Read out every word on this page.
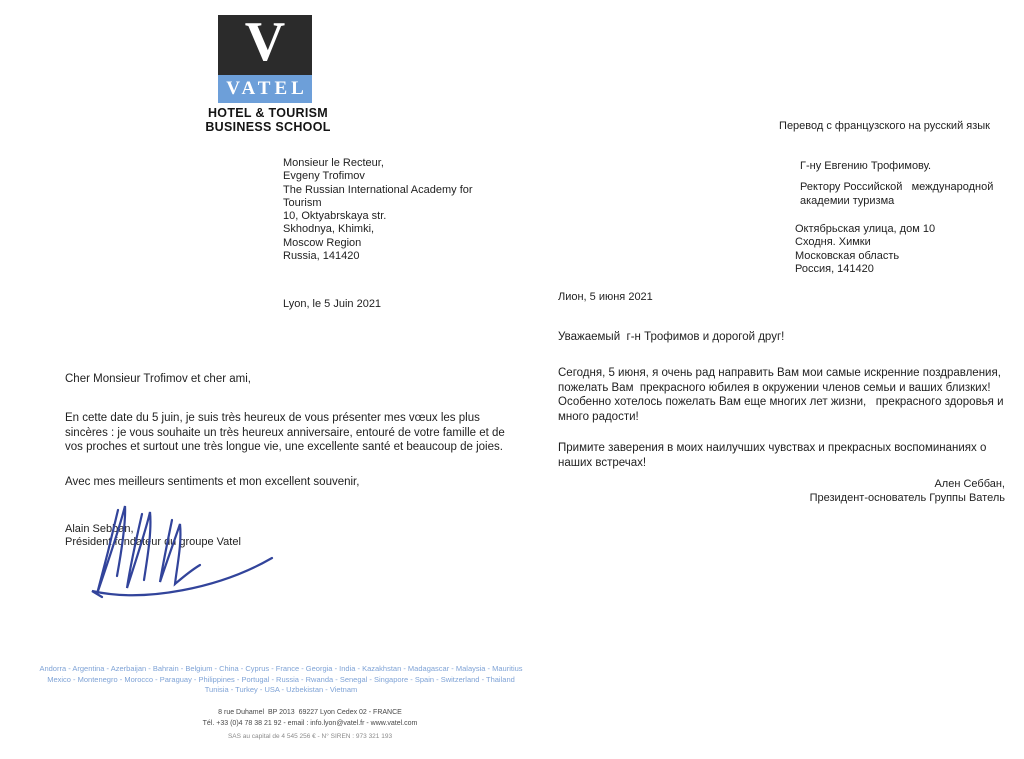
V
VATEL
HOTEL & TOURISM
BUSINESS SCHOOL
Monsieur le Recteur,
Evgeny Trofimov
The Russian International Academy for
Tourism
10, Oktyabrskaya str.
Skhodnya, Khimki,
Moscow Region
Russia, 141420
Lyon, le 5 Juin 2021
Cher Monsieur Trofimov et cher ami,
En cette date du 5 juin, je suis très heureux de vous présenter mes vœux les plus sincères : je vous souhaite un très heureux anniversaire, entouré de votre famille et de vos proches et surtout une très longue vie, une excellente santé et beaucoup de joies.
Avec mes meilleurs sentiments et mon excellent souvenir,
Alain Sebban,
Président fondateur du groupe Vatel
Перевод с французского на русский язык
Г-ну Евгению Трофимову.
Ректору Российской   международной
академии туризма
Октябрьская улица, дом 10
Сходня. Химки
Московская область
Россия, 141420
Лион, 5 июня 2021
Уважаемый  г-н Трофимов и дорогой друг!
Сегодня, 5 июня, я очень рад направить Вам мои самые искренние поздравления, пожелать Вам  прекрасного юбилея в окружении членов семьи и ваших близких! Особенно хотелось пожелать Вам еще многих лет жизни,   прекрасного здоровья и много радости!
Примите заверения в моих наилучших чувствах и прекрасных воспоминаниях о наших встречах!
Ален Себбан,
Президент-основатель Группы Ватель
Andorra - Argentina - Azerbaijan - Bahrain - Belgium - China - Cyprus - France - Georgia - India - Kazakhstan - Madagascar - Malaysia - Mauritius
Mexico - Montenegro - Morocco - Paraguay - Philippines - Portugal - Russia - Rwanda - Senegal - Singapore - Spain - Switzerland - Thailand
Tunisia - Turkey - USA - Uzbekistan - Vietnam
8 rue Duhamel  BP 2013  69227 Lyon Cedex 02 - FRANCE
Tél. +33 (0)4 78 38 21 92 - email : info.lyon@vatel.fr - www.vatel.com
SAS au capital de 4 545 256 € - N° SIREN : 973 321 193
